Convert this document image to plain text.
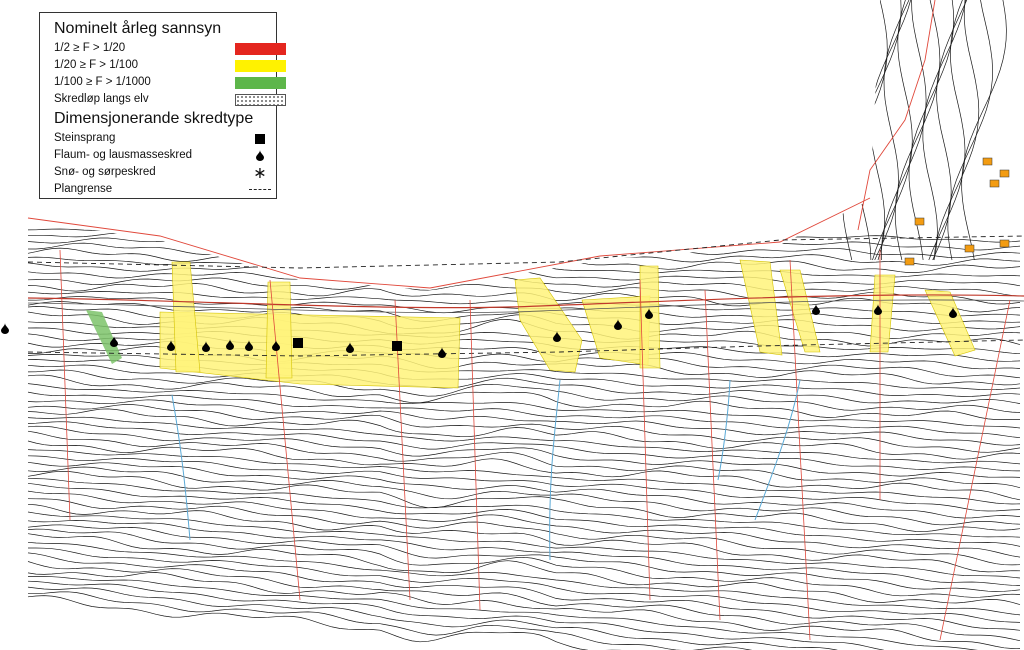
Nominelt årleg sannsyn
1/2 ≥ F > 1/20
1/20 ≥ F > 1/100
1/100 ≥ F > 1/1000
Skredløp langs elv
Dimensjonerande skredtype
Steinsprang
Flaum- og lausmasseskred
Snø- og sørpeskred	∗
Plangrense
